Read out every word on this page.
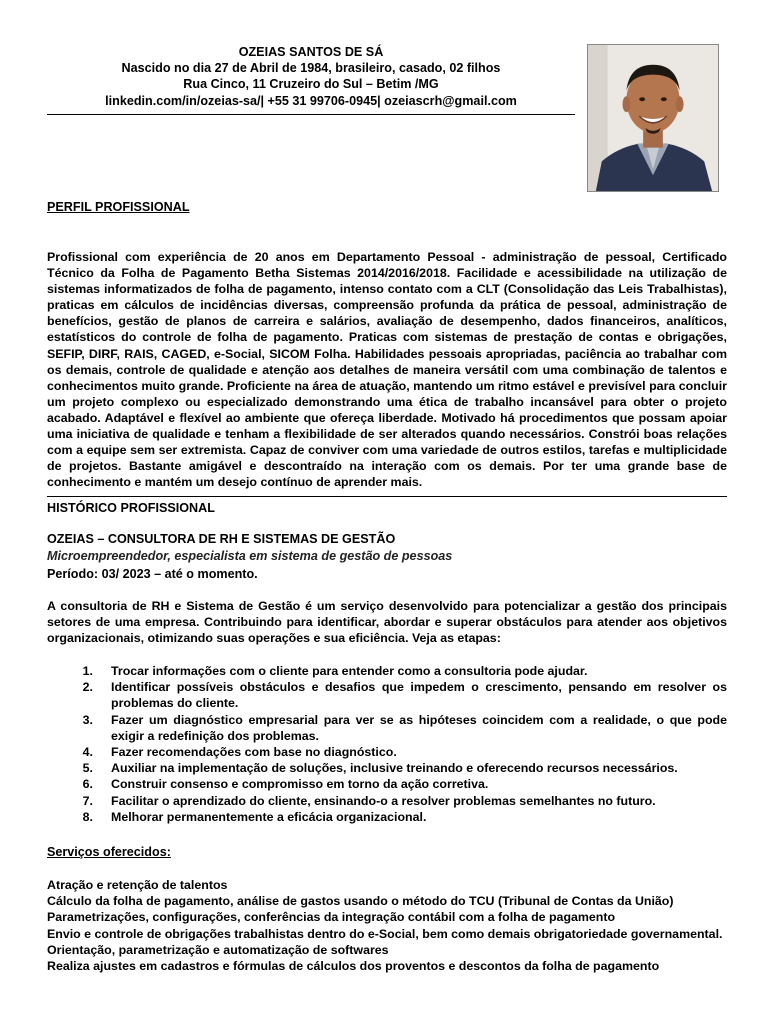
OZEIAS SANTOS DE SÁ
Nascido no dia 27 de Abril de 1984, brasileiro, casado, 02 filhos
Rua Cinco, 11 Cruzeiro do Sul – Betim /MG
linkedin.com/in/ozeias-sa/| +55 31 99706-0945| ozeiascrh@gmail.com
PERFIL PROFISSIONAL
Profissional com experiência de 20 anos em Departamento Pessoal - administração de pessoal, Certificado Técnico da Folha de Pagamento Betha Sistemas 2014/2016/2018. Facilidade e acessibilidade na utilização de sistemas informatizados de folha de pagamento, intenso contato com a CLT (Consolidação das Leis Trabalhistas), praticas em cálculos de incidências diversas, compreensão profunda da prática de pessoal, administração de benefícios, gestão de planos de carreira e salários, avaliação de desempenho, dados financeiros, analíticos, estatísticos do controle de folha de pagamento. Praticas com sistemas de prestação de contas e obrigações, SEFIP, DIRF, RAIS, CAGED, e-Social, SICOM Folha. Habilidades pessoais apropriadas, paciência ao trabalhar com os demais, controle de qualidade e atenção aos detalhes de maneira versátil com uma combinação de talentos e conhecimentos muito grande. Proficiente na área de atuação, mantendo um ritmo estável e previsível para concluir um projeto complexo ou especializado demonstrando uma ética de trabalho incansável para obter o projeto acabado. Adaptável e flexível ao ambiente que ofereça liberdade. Motivado há procedimentos que possam apoiar uma iniciativa de qualidade e tenham a flexibilidade de ser alterados quando necessários. Constrói boas relações com a equipe sem ser extremista. Capaz de conviver com uma variedade de outros estilos, tarefas e multiplicidade de projetos. Bastante amigável e descontraído na interação com os demais. Por ter uma grande base de conhecimento e mantém um desejo contínuo de aprender mais.
HISTÓRICO PROFISSIONAL
OZEIAS – CONSULTORA DE RH E SISTEMAS DE GESTÃO
Microempreendedor, especialista em sistema de gestão de pessoas
Período: 03/ 2023 – até o momento.
A consultoria de RH e Sistema de Gestão é um serviço desenvolvido para potencializar a gestão dos principais setores de uma empresa. Contribuindo para identificar, abordar e superar obstáculos para atender aos objetivos organizacionais, otimizando suas operações e sua eficiência. Veja as etapas:
1. Trocar informações com o cliente para entender como a consultoria pode ajudar.
2. Identificar possíveis obstáculos e desafios que impedem o crescimento, pensando em resolver os problemas do cliente.
3. Fazer um diagnóstico empresarial para ver se as hipóteses coincidem com a realidade, o que pode exigir a redefinição dos problemas.
4. Fazer recomendações com base no diagnóstico.
5. Auxiliar na implementação de soluções, inclusive treinando e oferecendo recursos necessários.
6. Construir consenso e compromisso em torno da ação corretiva.
7. Facilitar o aprendizado do cliente, ensinando-o a resolver problemas semelhantes no futuro.
8. Melhorar permanentemente a eficácia organizacional.
Serviços oferecidos:
Atração e retenção de talentos
Cálculo da folha de pagamento, análise de gastos usando o método do TCU (Tribunal de Contas da União)
Parametrizações, configurações, conferências da integração contábil com a folha de pagamento
Envio e controle de obrigações trabalhistas dentro do e-Social, bem como demais obrigatoriedade governamental.
Orientação, parametrização e automatização de softwares
Realiza ajustes em cadastros e fórmulas de cálculos dos proventos e descontos da folha de pagamento
